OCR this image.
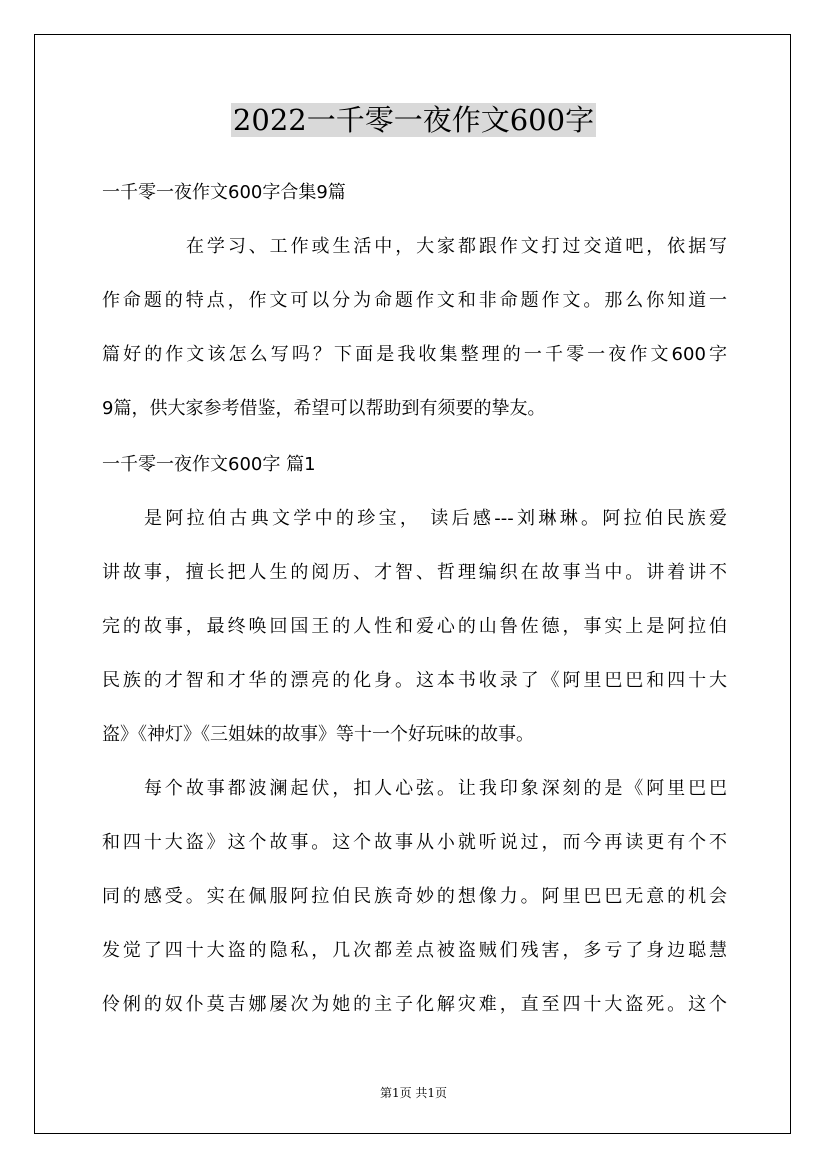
2022一千零一夜作文600字
一千零一夜作文600字合集9篇
在学习、工作或生活中，大家都跟作文打过交道吧，依据写
作命题的特点，作文可以分为命题作文和非命题作文。那么你知道一
篇好的作文该怎么写吗？下面是我收集整理的一千零一夜作文600字
9篇，供大家参考借鉴，希望可以帮助到有须要的挚友。
一千零一夜作文600字 篇1
是阿拉伯古典文学中的珍宝， 读后感---刘琳琳。阿拉伯民族爱
讲故事，擅长把人生的阅历、才智、哲理编织在故事当中。讲着讲不
完的故事，最终唤回国王的人性和爱心的山鲁佐德，事实上是阿拉伯
民族的才智和才华的漂亮的化身。这本书收录了《阿里巴巴和四十大
盗》《神灯》《三姐妹的故事》等十一个好玩味的故事。
每个故事都波澜起伏，扣人心弦。让我印象深刻的是《阿里巴巴
和四十大盗》这个故事。这个故事从小就听说过，而今再读更有个不
同的感受。实在佩服阿拉伯民族奇妙的想像力。阿里巴巴无意的机会
发觉了四十大盗的隐私，几次都差点被盗贼们残害，多亏了身边聪慧
伶俐的奴仆莫吉娜屡次为她的主子化解灾难，直至四十大盗死。这个
第1页 共1页
